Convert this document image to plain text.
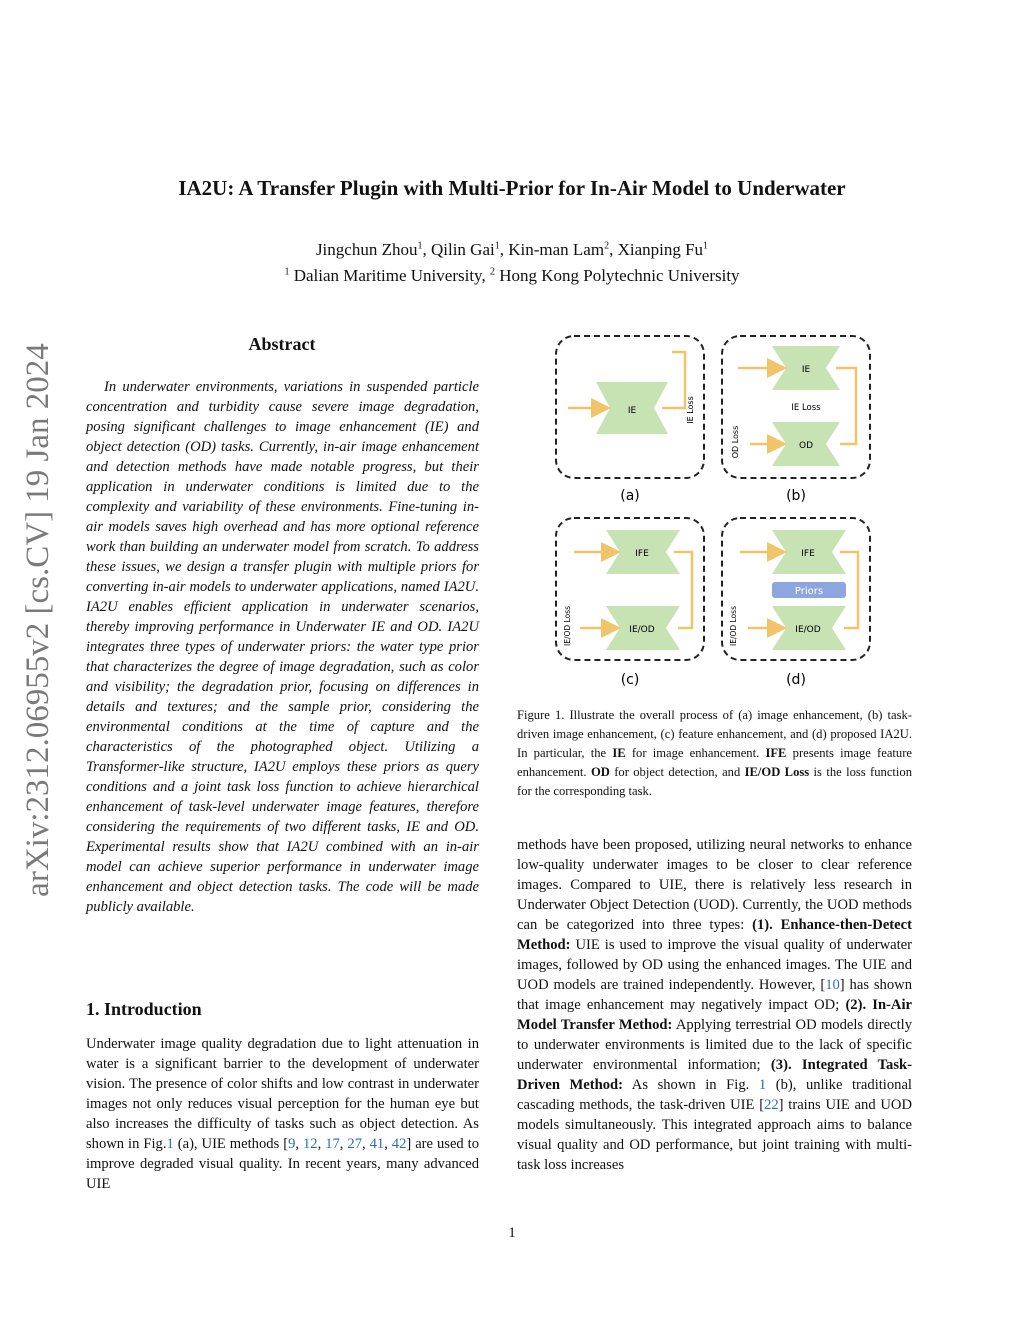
IA2U: A Transfer Plugin with Multi-Prior for In-Air Model to Underwater
Jingchun Zhou$^1$, Qilin Gai$^1$, Kin-man Lam$^2$, Xianping Fu$^1$
$^1$ Dalian Maritime University, $^2$ Hong Kong Polytechnic University
arXiv:2312.06955v2 [cs.CV] 19 Jan 2024	Abstract
In underwater environments, variations in suspended particle concentration and turbidity cause severe image degradation, posing significant challenges to image enhancement (IE) and object detection (OD) tasks. Currently, in-air image enhancement and detection methods have made notable progress, but their application in underwater conditions is limited due to the complexity and variability of these environments. Fine-tuning in-air models saves high overhead and has more optional reference work than building an underwater model from scratch. To address these issues, we design a transfer plugin with multiple priors for converting in-air models to underwater applications, named IA2U. IA2U enables efficient application in underwater scenarios, thereby improving performance in Underwater IE and OD. IA2U integrates three types of underwater priors: the water type prior that characterizes the degree of image degradation, such as color and visibility; the degradation prior, focusing on differences in details and textures; and the sample prior, considering the environmental conditions at the time of capture and the characteristics of the photographed object. Utilizing a Transformer-like structure, IA2U employs these priors as query conditions and a joint task loss function to achieve hierarchical enhancement of task-level underwater image features, therefore considering the requirements of two different tasks, IE and OD. Experimental results show that IA2U combined with an in-air model can achieve superior performance in underwater image enhancement and object detection tasks. The code will be made publicly available.
1. Introduction
Underwater image quality degradation due to light attenuation in water is a significant barrier to the development of underwater vision. The presence of color shifts and low contrast in underwater images not only reduces visual perception for the human eye but also increases the difficulty of tasks such as object detection. As shown in Fig.1 (a), UIE methods [9, 12, 17, 27, 41, 42] are used to improve degraded visual quality. In recent years, many advanced UIE
IE	IE Loss
(a)
IE
IE Loss
OD
OD Loss
(b)
IFE
IE/OD
IE/OD Loss
(c)
IFE
Priors
IE/OD
IE/OD Loss
(d)
Figure 1. Illustrate the overall process of (a) image enhancement, (b) task-driven image enhancement, (c) feature enhancement, and (d) proposed IA2U. In particular, the IE for image enhancement. IFE presents image feature enhancement. OD for object detection, and IE/OD Loss is the loss function for the corresponding task.
methods have been proposed, utilizing neural networks to enhance low-quality underwater images to be closer to clear reference images. Compared to UIE, there is relatively less research in Underwater Object Detection (UOD). Currently, the UOD methods can be categorized into three types: (1). Enhance-then-Detect Method: UIE is used to improve the visual quality of underwater images, followed by OD using the enhanced images. The UIE and UOD models are trained independently. However, [10] has shown that image enhancement may negatively impact OD; (2). In-Air Model Transfer Method: Applying terrestrial OD models directly to underwater environments is limited due to the lack of specific underwater environmental information; (3). Integrated Task-Driven Method: As shown in Fig. 1 (b), unlike traditional cascading methods, the task-driven UIE [22] trains UIE and UOD models simultaneously. This integrated approach aims to balance visual quality and OD performance, but joint training with multi-task loss increases
1
